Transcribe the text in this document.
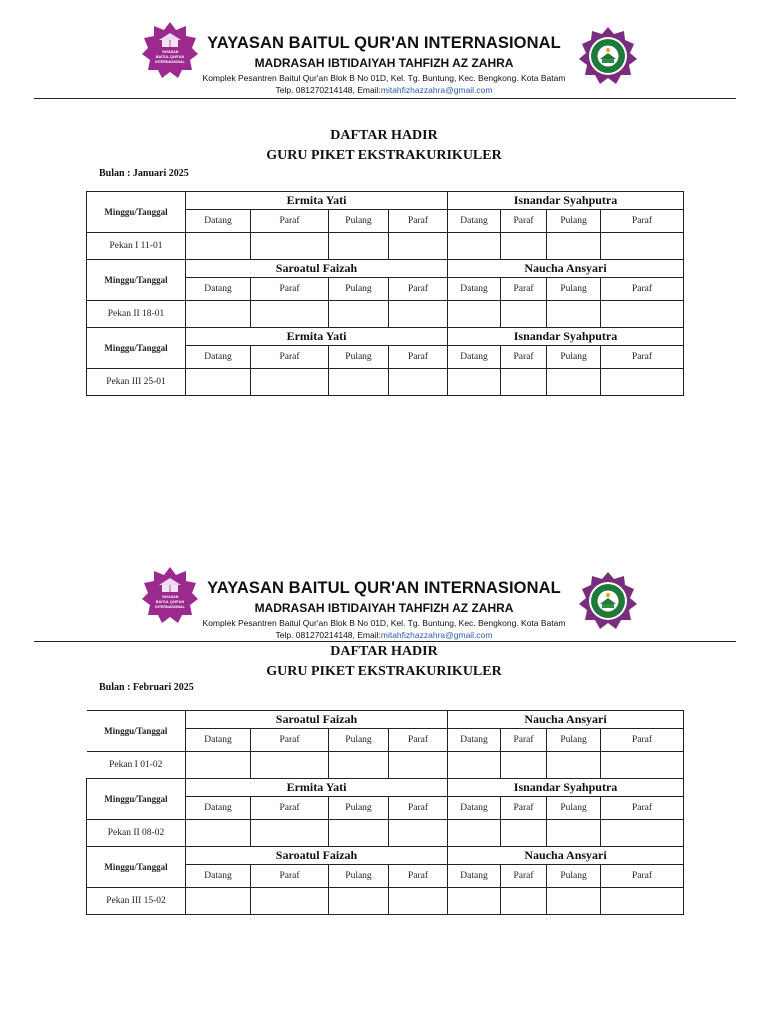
YAYASAN BAITUL QUR'AN INTERNASIONAL
MADRASAH IBTIDAIYAH TAHFIZH AZ ZAHRA
Komplek Pesantren Baitul Qur'an Blok B No 01D, Kel. Tg. Buntung, Kec. Bengkong. Kota Batam
Telp. 081270214148, Email:mitahfizhazzahra@gmail.com
YAYASAN
BAITUL QUR'AN
INTERNASIONAL
DAFTAR HADIR
GURU PIKET EKSTRAKURIKULER
Bulan : Januari 2025
Minggu/Tanggal	Ermita Yati				Isnandar Syahputra			
	Datang	Paraf	Pulang	Paraf	Datang	Paraf	Pulang	Paraf
Pekan I 11-01								
Minggu/Tanggal	Saroatul Faizah				Naucha Ansyari			
	Datang	Paraf	Pulang	Paraf	Datang	Paraf	Pulang	Paraf
Pekan II 18-01								
Minggu/Tanggal	Ermita Yati				Isnandar Syahputra			
	Datang	Paraf	Pulang	Paraf	Datang	Paraf	Pulang	Paraf
Pekan III 25-01								
YAYASAN BAITUL QUR'AN INTERNASIONAL
MADRASAH IBTIDAIYAH TAHFIZH AZ ZAHRA
Komplek Pesantren Baitul Qur'an Blok B No 01D, Kel. Tg. Buntung, Kec. Bengkong. Kota Batam
Telp. 081270214148, Email:mitahfizhazzahra@gmail.com
YAYASAN
BAITUL QUR'AN
INTERNASIONAL
DAFTAR HADIR
GURU PIKET EKSTRAKURIKULER
Bulan : Februari 2025
Minggu/Tanggal	Saroatul Faizah				Naucha Ansyari			
	Datang	Paraf	Pulang	Paraf	Datang	Paraf	Pulang	Paraf
Pekan I 01-02								
Minggu/Tanggal	Ermita Yati				Isnandar Syahputra			
	Datang	Paraf	Pulang	Paraf	Datang	Paraf	Pulang	Paraf
Pekan II 08-02								
Minggu/Tanggal	Saroatul Faizah				Naucha Ansyari			
	Datang	Paraf	Pulang	Paraf	Datang	Paraf	Pulang	Paraf
Pekan III 15-02								
